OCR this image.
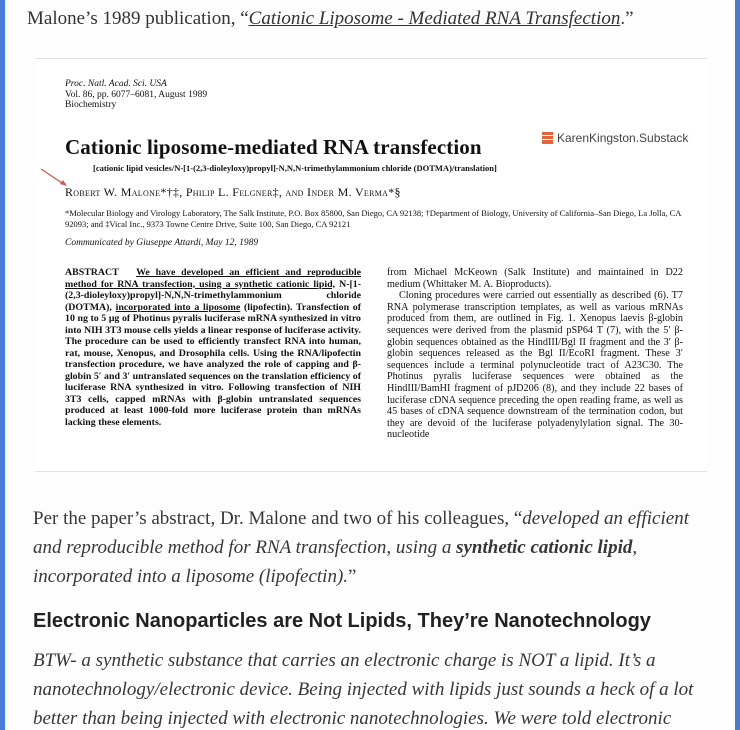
Malone’s 1989 publication, “Cationic Liposome - Mediated RNA Transfection.”
Proc. Natl. Acad. Sci. USA
Vol. 86, pp. 6077–6081, August 1989
Biochemistry
Cationic liposome-mediated RNA transfection	KarenKingston.Substack
[cationic lipid vesicles/N-[1-(2,3-dioleyloxy)propyl]-N,N,N-trimethylammonium chloride (DOTMA)/translation]
Robert W. Malone*†‡, Philip L. Felgner‡, and Inder M. Verma*§
*Molecular Biology and Virology Laboratory, The Salk Institute, P.O. Box 85800, San Diego, CA 92138; †Department of Biology, University of California–San Diego, La Jolla, CA 92093; and ‡Vical Inc., 9373 Towne Centre Drive, Suite 100, San Diego, CA 92121
Communicated by Giuseppe Attardi, May 12, 1989
ABSTRACT We have developed an efficient and reproducible method for RNA transfection, using a synthetic cationic lipid, N-[1-(2,3-dioleyloxy)propyl]-N,N,N-trimethylammonium chloride (DOTMA), incorporated into a liposome (lipofectin). Transfection of 10 ng to 5 μg of Photinus pyralis luciferase mRNA synthesized in vitro into NIH 3T3 mouse cells yields a linear response of luciferase activity. The procedure can be used to efficiently transfect RNA into human, rat, mouse, Xenopus, and Drosophila cells. Using the RNA/lipofectin transfection procedure, we have analyzed the role of capping and β-globin 5′ and 3′ untranslated sequences on the translation efficiency of luciferase RNA synthesized in vitro. Following transfection of NIH 3T3 cells, capped mRNAs with β-globin untranslated sequences produced at least 1000-fold more luciferase protein than mRNAs lacking these elements.

from Michael McKeown (Salk Institute) and maintained in D22 medium (Whittaker M. A. Bioproducts).

Cloning procedures were carried out essentially as described (6). T7 RNA polymerase transcription templates, as well as various mRNAs produced from them, are outlined in Fig. 1. Xenopus laevis β-globin sequences were derived from the plasmid pSP64 T (7), with the 5′ β-globin sequences obtained as the HindIII/Bgl II fragment and the 3′ β-globin sequences released as the Bgl II/EcoRI fragment. These 3′ sequences include a terminal polynucleotide tract of A23C30. The Photinus pyralis luciferase sequences were obtained as the HindIII/BamHI fragment of pJD206 (8), and they include 22 bases of luciferase cDNA sequence preceding the open reading frame, as well as 45 bases of cDNA sequence downstream of the termination codon, but they are devoid of the luciferase polyadenylylation signal. The 30-nucleotide

Per the paper’s abstract, Dr. Malone and two of his colleagues, “developed an efficient and reproducible method for RNA transfection, using a synthetic cationic lipid, incorporated into a liposome (lipofectin).”
Electronic Nanoparticles are Not Lipids, They’re Nanotechnology
BTW- a synthetic substance that carries an electronic charge is NOT a lipid. It’s a nanotechnology/electronic device. Being injected with lipids just sounds a heck of a lot better than being injected with electronic nanotechnologies. We were told electronic
